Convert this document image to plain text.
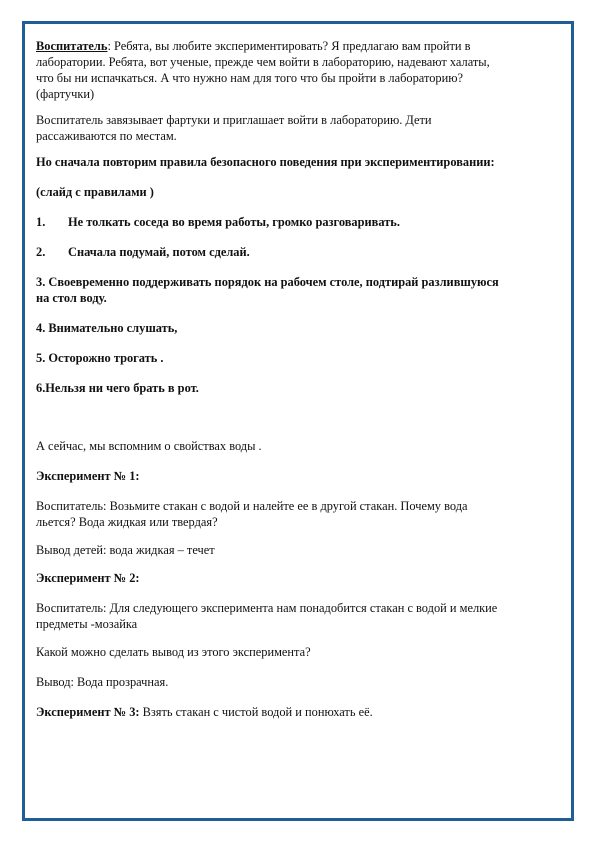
Воспитатель: Ребята, вы любите экспериментировать? Я предлагаю вам пройти в

лаборатории. Ребята, вот ученые, прежде чем войти в лабораторию, надевают халаты,

что бы ни испачкаться. А что нужно нам для того что бы пройти в лабораторию?

(фартучки)

Воспитатель завязывает фартуки и приглашает войти в лабораторию. Дети

рассаживаются по местам.

Но сначала повторим правила безопасного поведения при экспериментировании:

(слайд с правилами )

1. Не толкать соседа во время работы, громко разговаривать.

2. Сначала подумай, потом сделай.

3. Своевременно поддерживать порядок на рабочем столе, подтирай разлившуюся

на стол воду.

4. Внимательно слушать,

5. Осторожно трогать .

6.Нельзя ни чего брать в рот.

А сейчас, мы вспомним о свойствах воды .

Эксперимент № 1:

Воспитатель: Возьмите стакан с водой и налейте ее в другой стакан. Почему вода

льется? Вода жидкая или твердая?

Вывод детей: вода жидкая – течет

Эксперимент № 2:

Воспитатель: Для следующего эксперимента нам понадобится стакан с водой и мелкие

предметы -мозайка

Какой можно сделать вывод из этого эксперимента?

Вывод: Вода прозрачная.

Эксперимент № 3: Взять стакан с чистой водой и понюхать её.
